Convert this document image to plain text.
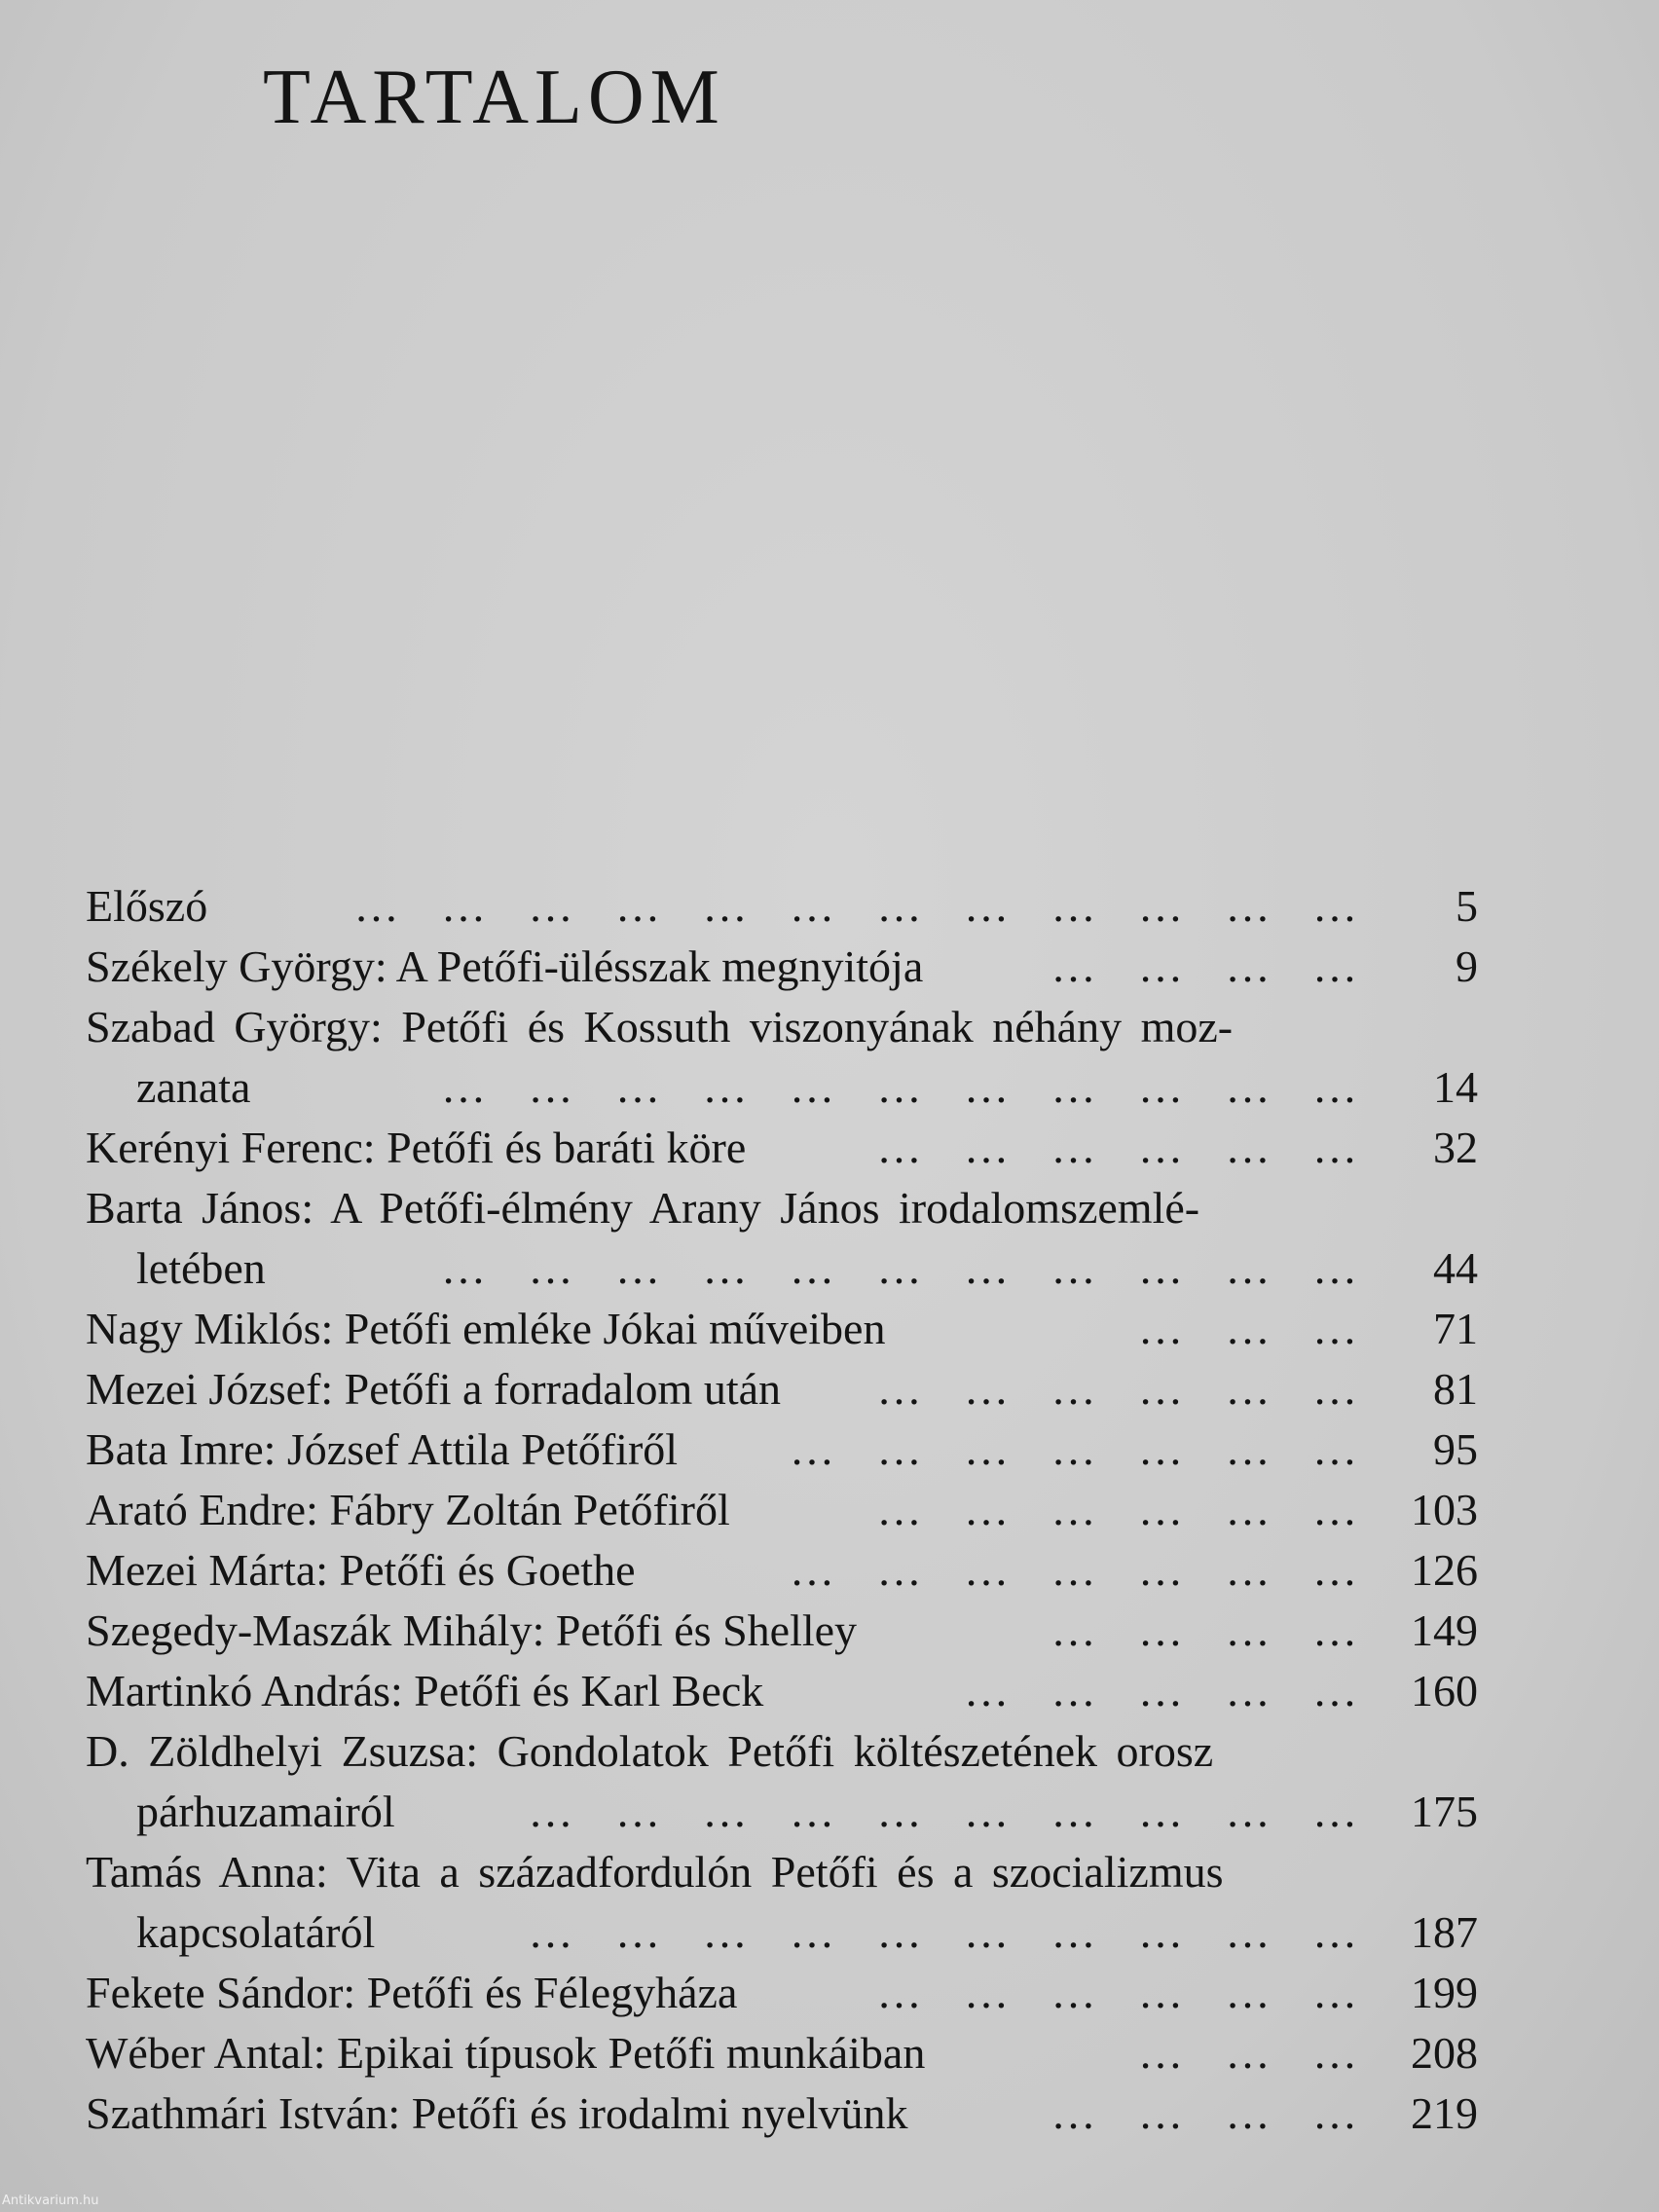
TARTALOM
Előszó	… … … … … … … … … … … …	5
Székely György: A Petőfi-ülésszak megnyitója	… … … …	9
Szabad György: Petőfi és Kossuth viszonyának néhány moz-
zanata	… … … … … … … … … … …	14
Kerényi Ferenc: Petőfi és baráti köre	… … … … … …	32
Barta János: A Petőfi-élmény Arany János irodalomszemlé-
letében	… … … … … … … … … … …	44
Nagy Miklós: Petőfi emléke Jókai műveiben	… … …	71
Mezei József: Petőfi a forradalom után … … … … … …	81
Bata Imre: József Attila Petőfiről … … … … … … …	95
Arató Endre: Fábry Zoltán Petőfiről	… … … … … …	103
Mezei Márta: Petőfi és Goethe	… … … … … … …	126
Szegedy-Maszák Mihály: Petőfi és Shelley	… … … …	149
Martinkó András: Petőfi és Karl Beck	… … … … …	160
D. Zöldhelyi Zsuzsa: Gondolatok Petőfi költészetének orosz
párhuzamairól	… … … … … … … … … …	175
Tamás Anna: Vita a századfordulón Petőfi és a szocializmus
kapcsolatáról	… … … … … … … … … …	187
Fekete Sándor: Petőfi és Félegyháza	… … … … … …	199
Wéber Antal: Epikai típusok Petőfi munkáiban	… … …	208
Szathmári István: Petőfi és irodalmi nyelvünk	… … … …	219
Antikvarium.hu
